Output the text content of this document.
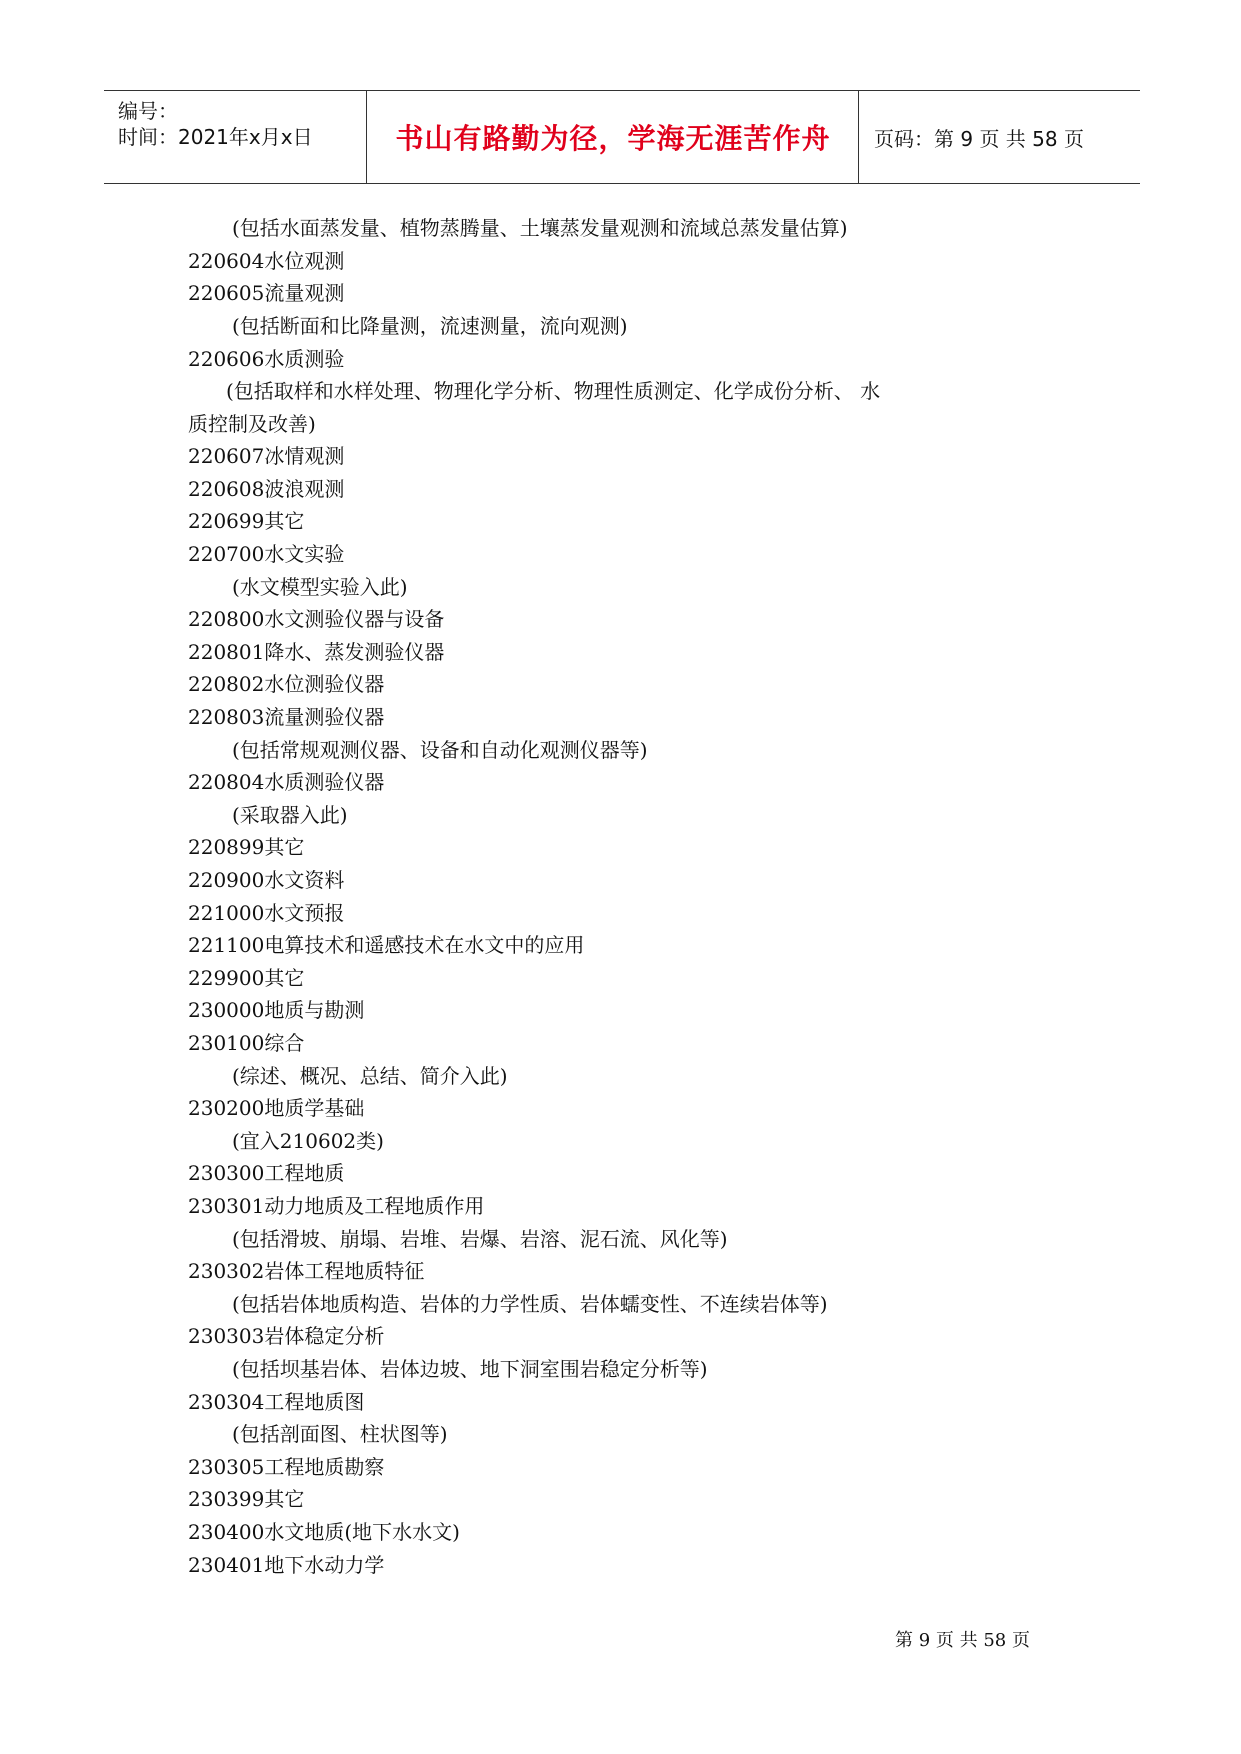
编号：
时间：2021年x月x日	书山有路勤为径，学海无涯苦作舟 页码：第 9 页 共 58 页
(包括水面蒸发量、植物蒸腾量、土壤蒸发量观测和流域总蒸发量估算)
220604水位观测
220605流量观测
(包括断面和比降量测，流速测量，流向观测)
220606水质测验
(包括取样和水样处理、物理化学分析、物理性质测定、化学成份分析、 水
质控制及改善)
220607冰情观测
220608波浪观测
220699其它
220700水文实验
(水文模型实验入此)
220800水文测验仪器与设备
220801降水、蒸发测验仪器
220802水位测验仪器
220803流量测验仪器
(包括常规观测仪器、设备和自动化观测仪器等)
220804水质测验仪器
(采取器入此)
220899其它
220900水文资料
221000水文预报
221100电算技术和遥感技术在水文中的应用
229900其它
230000地质与勘测
230100综合
(综述、概况、总结、简介入此)
230200地质学基础
(宜入210602类)
230300工程地质
230301动力地质及工程地质作用
(包括滑坡、崩塌、岩堆、岩爆、岩溶、泥石流、风化等)
230302岩体工程地质特征
(包括岩体地质构造、岩体的力学性质、岩体蠕变性、不连续岩体等)
230303岩体稳定分析
(包括坝基岩体、岩体边坡、地下洞室围岩稳定分析等)
230304工程地质图
(包括剖面图、柱状图等)
230305工程地质勘察
230399其它
230400水文地质(地下水水文)
230401地下水动力学
第 9 页 共 58 页
